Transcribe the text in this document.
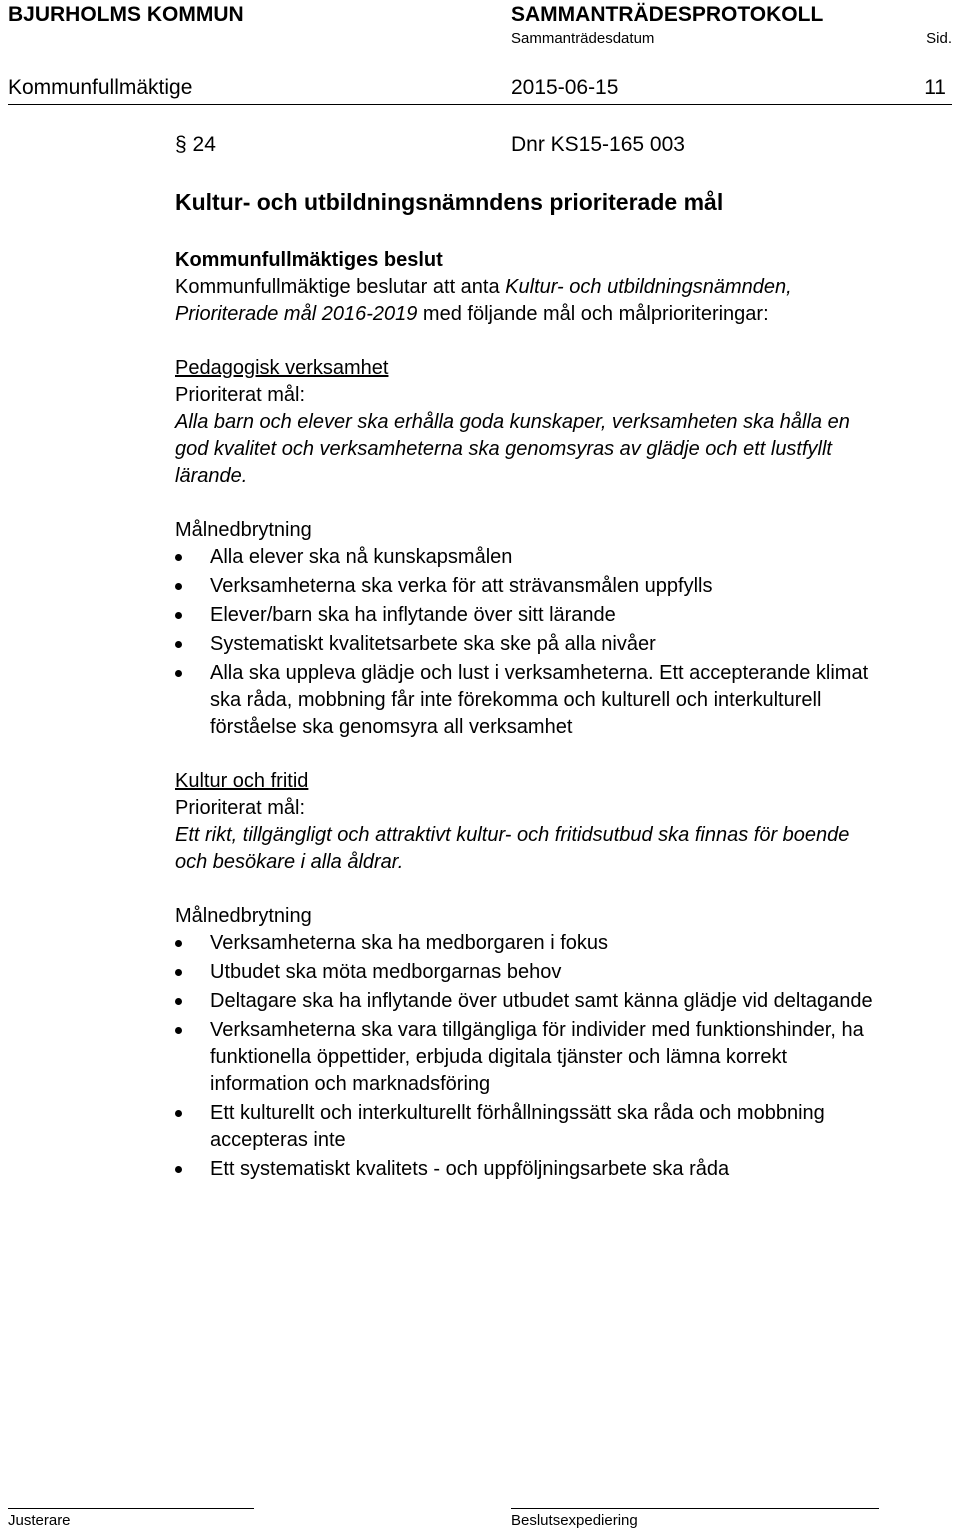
BJURHOLMS KOMMUN	SAMMANTRÄDESPROTOKOLL
Sammanträdesdatum	Sid.
Kommunfullmäktige	2015-06-15	11
§ 24	Dnr KS15-165 003

Kultur- och utbildningsnämndens prioriterade mål

Kommunfullmäktiges beslut

Kommunfullmäktige beslutar att anta Kultur- och utbildningsnämnden, Prioriterade mål 2016-2019 med följande mål och målprioriteringar:

Pedagogisk verksamhet

Prioriterat mål:

Alla barn och elever ska erhålla goda kunskaper, verksamheten ska hålla en god kvalitet och verksamheterna ska genomsyras av glädje och ett lustfyllt lärande.

Målnedbrytning

Alla elever ska nå kunskapsmålen
Verksamheterna ska verka för att strävansmålen uppfylls
Elever/barn ska ha inflytande över sitt lärande
Systematiskt kvalitetsarbete ska ske på alla nivåer
Alla ska uppleva glädje och lust i verksamheterna. Ett accepterande klimat ska råda, mobbning får inte förekomma och kulturell och interkulturell förståelse ska genomsyra all verksamhet

Kultur och fritid

Prioriterat mål:

Ett rikt, tillgängligt och attraktivt kultur- och fritidsutbud ska finnas för boende och besökare i alla åldrar.

Målnedbrytning

Verksamheterna ska ha medborgaren i fokus
Utbudet ska möta medborgarnas behov
Deltagare ska ha inflytande över utbudet samt känna glädje vid deltagande
Verksamheterna ska vara tillgängliga för individer med funktionshinder, ha funktionella öppettider, erbjuda digitala tjänster och lämna korrekt information och marknadsföring
Ett kulturellt och interkulturellt förhållningssätt ska råda och mobbning accepteras inte
Ett systematiskt kvalitets - och uppföljningsarbete ska råda
Justerare	Beslutsexpediering
